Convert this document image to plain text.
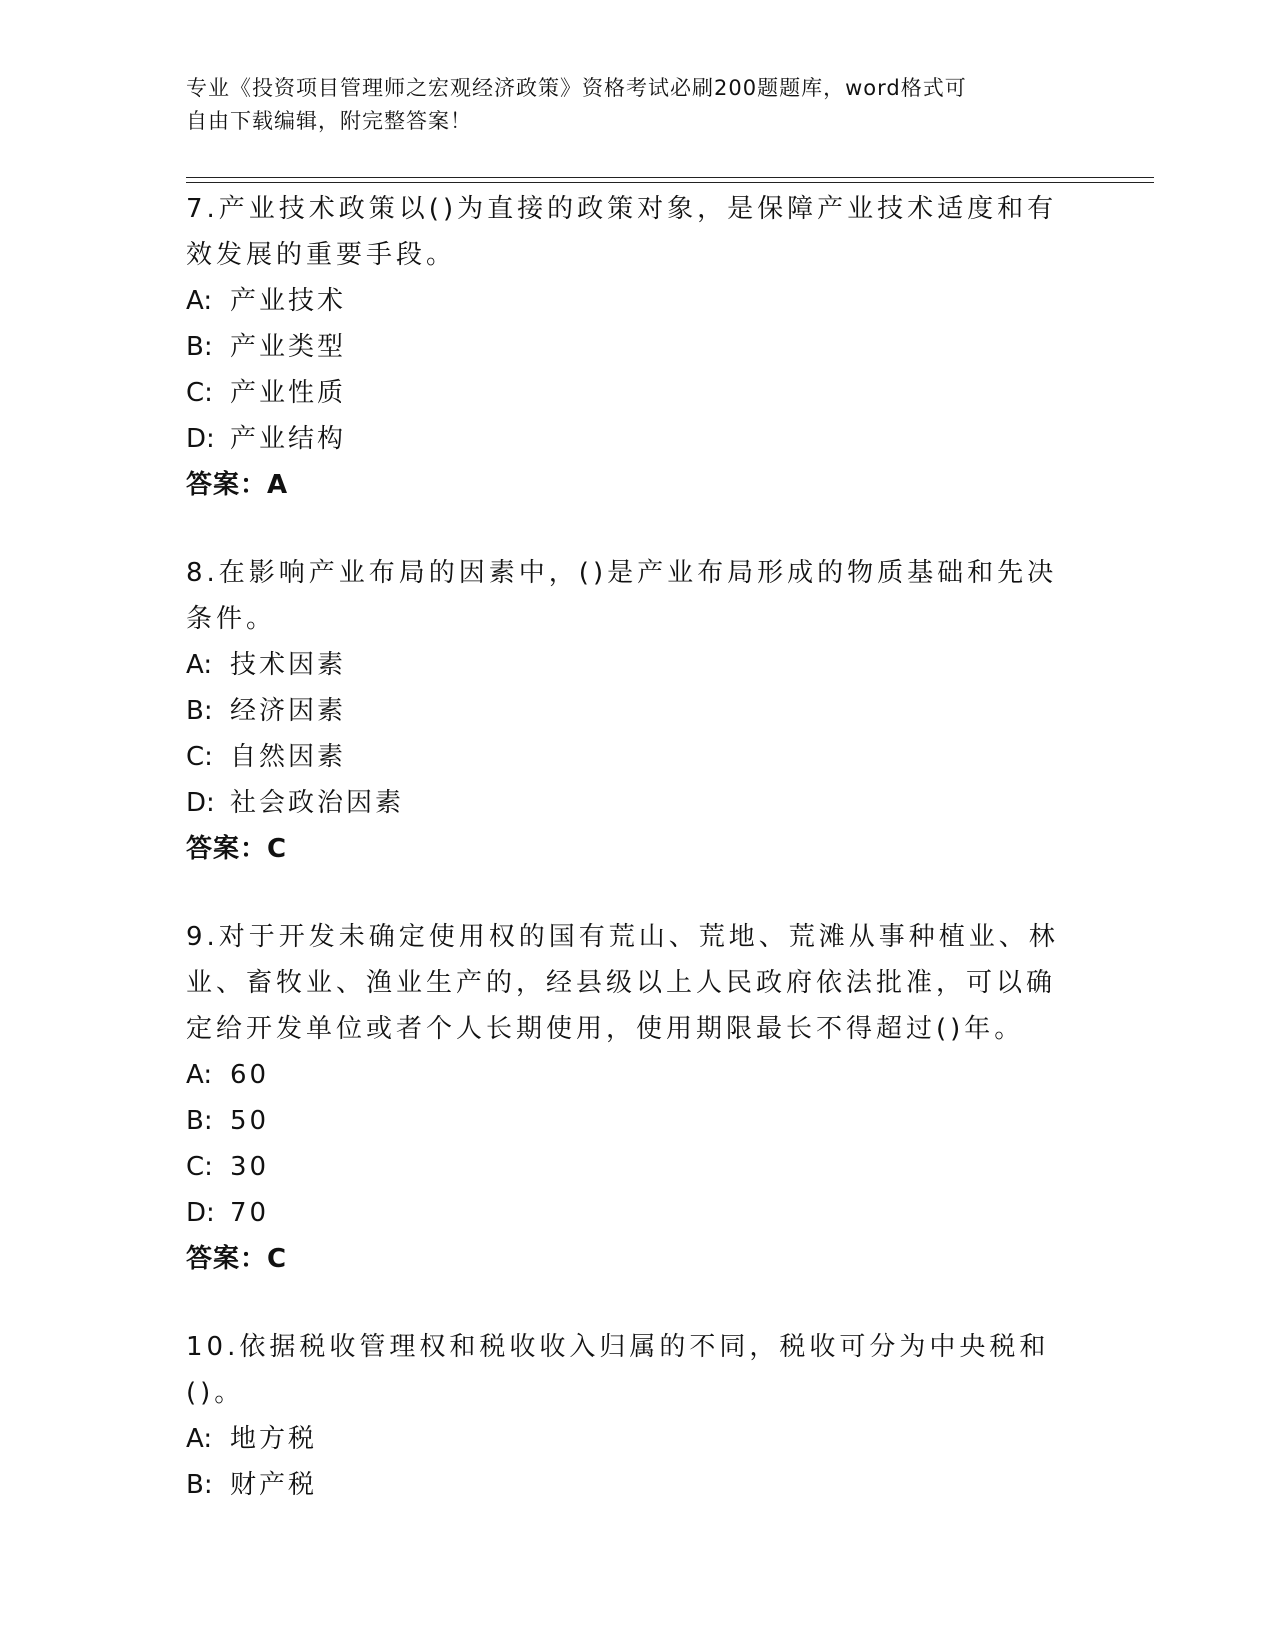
专业《投资项目管理师之宏观经济政策》资格考试必刷200题题库，word格式可
自由下载编辑，附完整答案！

7.产业技术政策以()为直接的政策对象，是保障产业技术适度和有效发展的重要手段。

A: 产业技术

B: 产业类型

C: 产业性质

D: 产业结构

答案：A

8.在影响产业布局的因素中，()是产业布局形成的物质基础和先决条件。

A: 技术因素

B: 经济因素

C: 自然因素

D: 社会政治因素

答案：C

9.对于开发未确定使用权的国有荒山、荒地、荒滩从事种植业、林业、畜牧业、渔业生产的，经县级以上人民政府依法批准，可以确定给开发单位或者个人长期使用，使用期限最长不得超过()年。

A: 60

B: 50

C: 30

D: 70

答案：C

10.依据税收管理权和税收收入归属的不同，税收可分为中央税和()。

A: 地方税

B: 财产税
